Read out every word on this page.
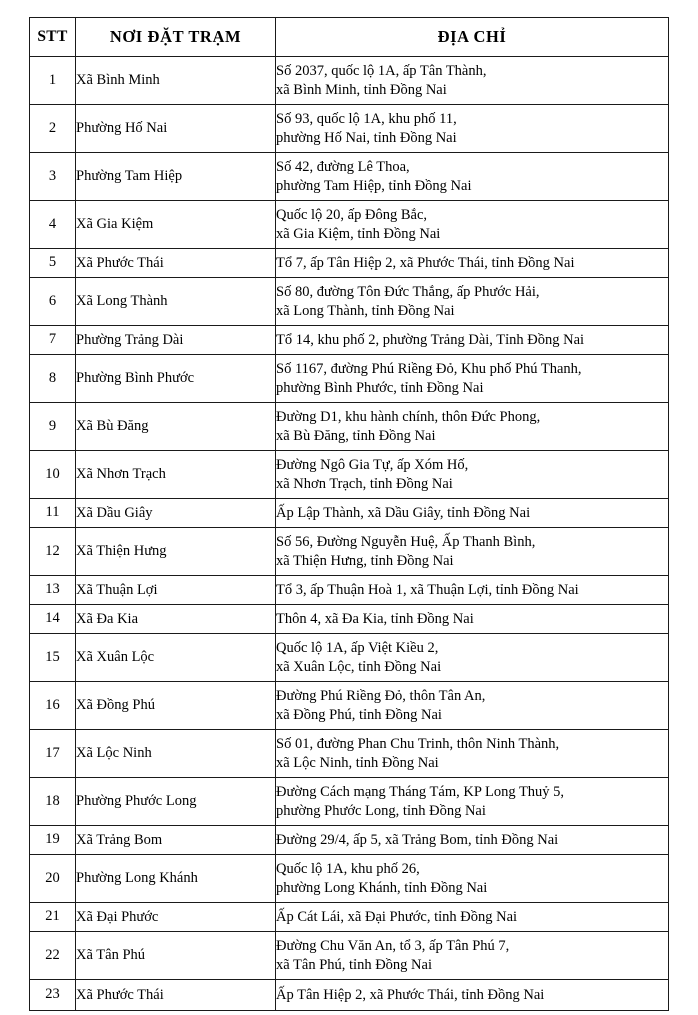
STT	NƠI ĐẶT TRẠM	ĐỊA CHỈ
1	Xã Bình Minh	Số 2037, quốc lộ 1A, ấp Tân Thành,
xã Bình Minh, tỉnh Đồng Nai

2	Phường Hố Nai	Số 93, quốc lộ 1A, khu phố 11,
phường Hố Nai, tỉnh Đồng Nai

3	Phường Tam Hiệp	Số 42, đường Lê Thoa,
phường Tam Hiệp, tỉnh Đồng Nai

4	Xã Gia Kiệm	Quốc lộ 20, ấp Đông Bắc,
xã Gia Kiệm, tỉnh Đồng Nai

5	Xã Phước Thái	Tổ 7, ấp Tân Hiệp 2, xã Phước Thái, tỉnh Đồng Nai

6	Xã Long Thành	Số 80, đường Tôn Đức Thắng, ấp Phước Hải,
xã Long Thành, tỉnh Đồng Nai

7	Phường Trảng Dài	Tổ 14, khu phố 2, phường Trảng Dài, Tỉnh Đồng Nai

8	Phường Bình Phước	Số 1167, đường Phú Riềng Đỏ, Khu phố Phú Thanh,
phường Bình Phước, tỉnh Đồng Nai

9	Xã Bù Đăng	Đường D1, khu hành chính, thôn Đức Phong,
xã Bù Đăng, tỉnh Đồng Nai

10	Xã Nhơn Trạch	Đường Ngô Gia Tự, ấp Xóm Hố,
xã Nhơn Trạch, tỉnh Đồng Nai

11	Xã Dầu Giây	Ấp Lập Thành, xã Dầu Giây, tỉnh Đồng Nai

12	Xã Thiện Hưng	Số 56, Đường Nguyễn Huệ, Ấp Thanh Bình,
xã Thiện Hưng, tỉnh Đồng Nai

13	Xã Thuận Lợi	Tổ 3, ấp Thuận Hoà 1, xã Thuận Lợi, tỉnh Đồng Nai

14	Xã Đa Kia	Thôn 4, xã Đa Kia, tỉnh Đồng Nai

15	Xã Xuân Lộc	Quốc lộ 1A, ấp Việt Kiều 2,
xã Xuân Lộc, tỉnh Đồng Nai

16	Xã Đồng Phú	Đường Phú Riềng Đỏ, thôn Tân An,
xã Đồng Phú, tỉnh Đồng Nai

17	Xã Lộc Ninh	Số 01, đường Phan Chu Trinh, thôn Ninh Thành,
xã Lộc Ninh, tỉnh Đồng Nai

18	Phường Phước Long	Đường Cách mạng Tháng Tám, KP Long Thuỷ 5,
phường Phước Long, tỉnh Đồng Nai

19	Xã Trảng Bom	Đường 29/4, ấp 5, xã Trảng Bom, tỉnh Đồng Nai

20	Phường Long Khánh	Quốc lộ 1A, khu phố 26,
phường Long Khánh, tỉnh Đồng Nai

21	Xã Đại Phước	Ấp Cát Lái, xã Đại Phước, tỉnh Đồng Nai

22	Xã Tân Phú	Đường Chu Văn An, tổ 3, ấp Tân Phú 7,
xã Tân Phú, tỉnh Đồng Nai

23	Xã Phước Thái	Ấp Tân Hiệp 2, xã Phước Thái, tỉnh Đồng Nai
